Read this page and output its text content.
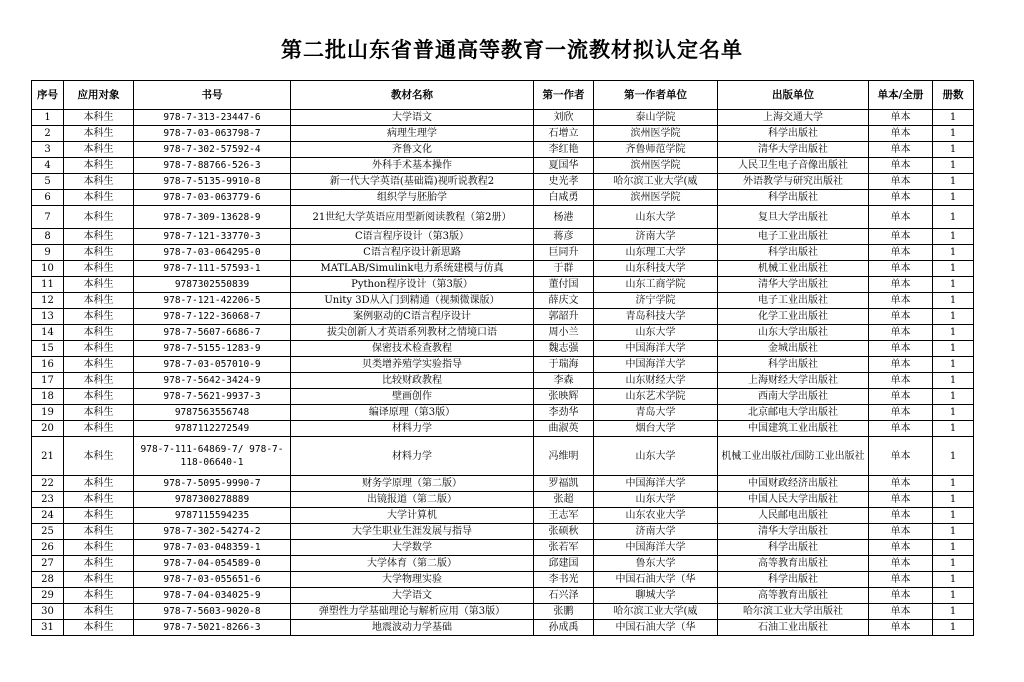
第二批山东省普通高等教育一流教材拟认定名单
序号	应用对象	书号	教材名称	第一作者	第一作者单位	出版单位	单本/全册	册数
1	本科生	978-7-313-23447-6	大学语文	刘欣	泰山学院	上海交通大学	单本	1
2	本科生	978-7-03-063798-7	病理生理学	石增立	滨州医学院	科学出版社	单本	1
3	本科生	978-7-302-57592-4	齐鲁文化	李红艳	齐鲁师范学院	清华大学出版社	单本	1
4	本科生	978-7-88766-526-3	外科手术基本操作	夏国华	滨州医学院	人民卫生电子音像出版社	单本	1
5	本科生	978-7-5135-9910-8	新一代大学英语(基础篇)视听说教程2	史光孝	哈尔滨工业大学(威	外语教学与研究出版社	单本	1
6	本科生	978-7-03-063779-6	组织学与胚胎学	白咸勇	滨州医学院	科学出版社	单本	1
7	本科生	978-7-309-13628-9	21世纪大学英语应用型新阅读教程（第2册）	杨港	山东大学	复旦大学出版社	单本	1
8	本科生	978-7-121-33770-3	C语言程序设计（第3版）	蒋彦	济南大学	电子工业出版社	单本	1
9	本科生	978-7-03-064295-0	C语言程序设计新思路	巨同升	山东理工大学	科学出版社	单本	1
10	本科生	978-7-111-57593-1	MATLAB/Simulink电力系统建模与仿真	于群	山东科技大学	机械工业出版社	单本	1
11	本科生	9787302550839	Python程序设计（第3版）	董付国	山东工商学院	清华大学出版社	单本	1
12	本科生	978-7-121-42206-5	Unity 3D从入门到精通（视频微课版）	薛庆文	济宁学院	电子工业出版社	单本	1
13	本科生	978-7-122-36068-7	案例驱动的C语言程序设计	郭韶升	青岛科技大学	化学工业出版社	单本	1
14	本科生	978-7-5607-6686-7	拔尖创新人才英语系列教材之情境口语	周小兰	山东大学	山东大学出版社	单本	1
15	本科生	978-7-5155-1283-9	保密技术检查教程	魏志强	中国海洋大学	金城出版社	单本	1
16	本科生	978-7-03-057010-9	贝类增养殖学实验指导	于瑞海	中国海洋大学	科学出版社	单本	1
17	本科生	978-7-5642-3424-9	比较财政教程	李森	山东财经大学	上海财经大学出版社	单本	1
18	本科生	978-7-5621-9937-3	壁画创作	张映辉	山东艺术学院	西南大学出版社	单本	1
19	本科生	9787563556748	编译原理（第3版）	李劲华	青岛大学	北京邮电大学出版社	单本	1
20	本科生	9787112272549	材料力学	曲淑英	烟台大学	中国建筑工业出版社	单本	1
21	本科生	978-7-111-64869-7/ 978-7-118-06640-1	材料力学	冯维明	山东大学	机械工业出版社/国防工业出版社	单本	1
22	本科生	978-7-5095-9990-7	财务学原理（第二版）	罗福凯	中国海洋大学	中国财政经济出版社	单本	1
23	本科生	9787300278889	出镜报道（第二版）	张超	山东大学	中国人民大学出版社	单本	1
24	本科生	9787115594235	大学计算机	王志军	山东农业大学	人民邮电出版社	单本	1
25	本科生	978-7-302-54274-2	大学生职业生涯发展与指导	张硕秋	济南大学	清华大学出版社	单本	1
26	本科生	978-7-03-048359-1	大学数学	张若军	中国海洋大学	科学出版社	单本	1
27	本科生	978-7-04-054589-0	大学体育（第二版）	邱建国	鲁东大学	高等教育出版社	单本	1
28	本科生	978-7-03-055651-6	大学物理实验	李书光	中国石油大学（华	科学出版社	单本	1
29	本科生	978-7-04-034025-9	大学语文	石兴泽	聊城大学	高等教育出版社	单本	1
30	本科生	978-7-5603-9020-8	弹塑性力学基础理论与解析应用（第3版）	张鹏	哈尔滨工业大学(威	哈尔滨工业大学出版社	单本	1
31	本科生	978-7-5021-8266-3	地震波动力学基础	孙成禹	中国石油大学（华	石油工业出版社	单本	1
